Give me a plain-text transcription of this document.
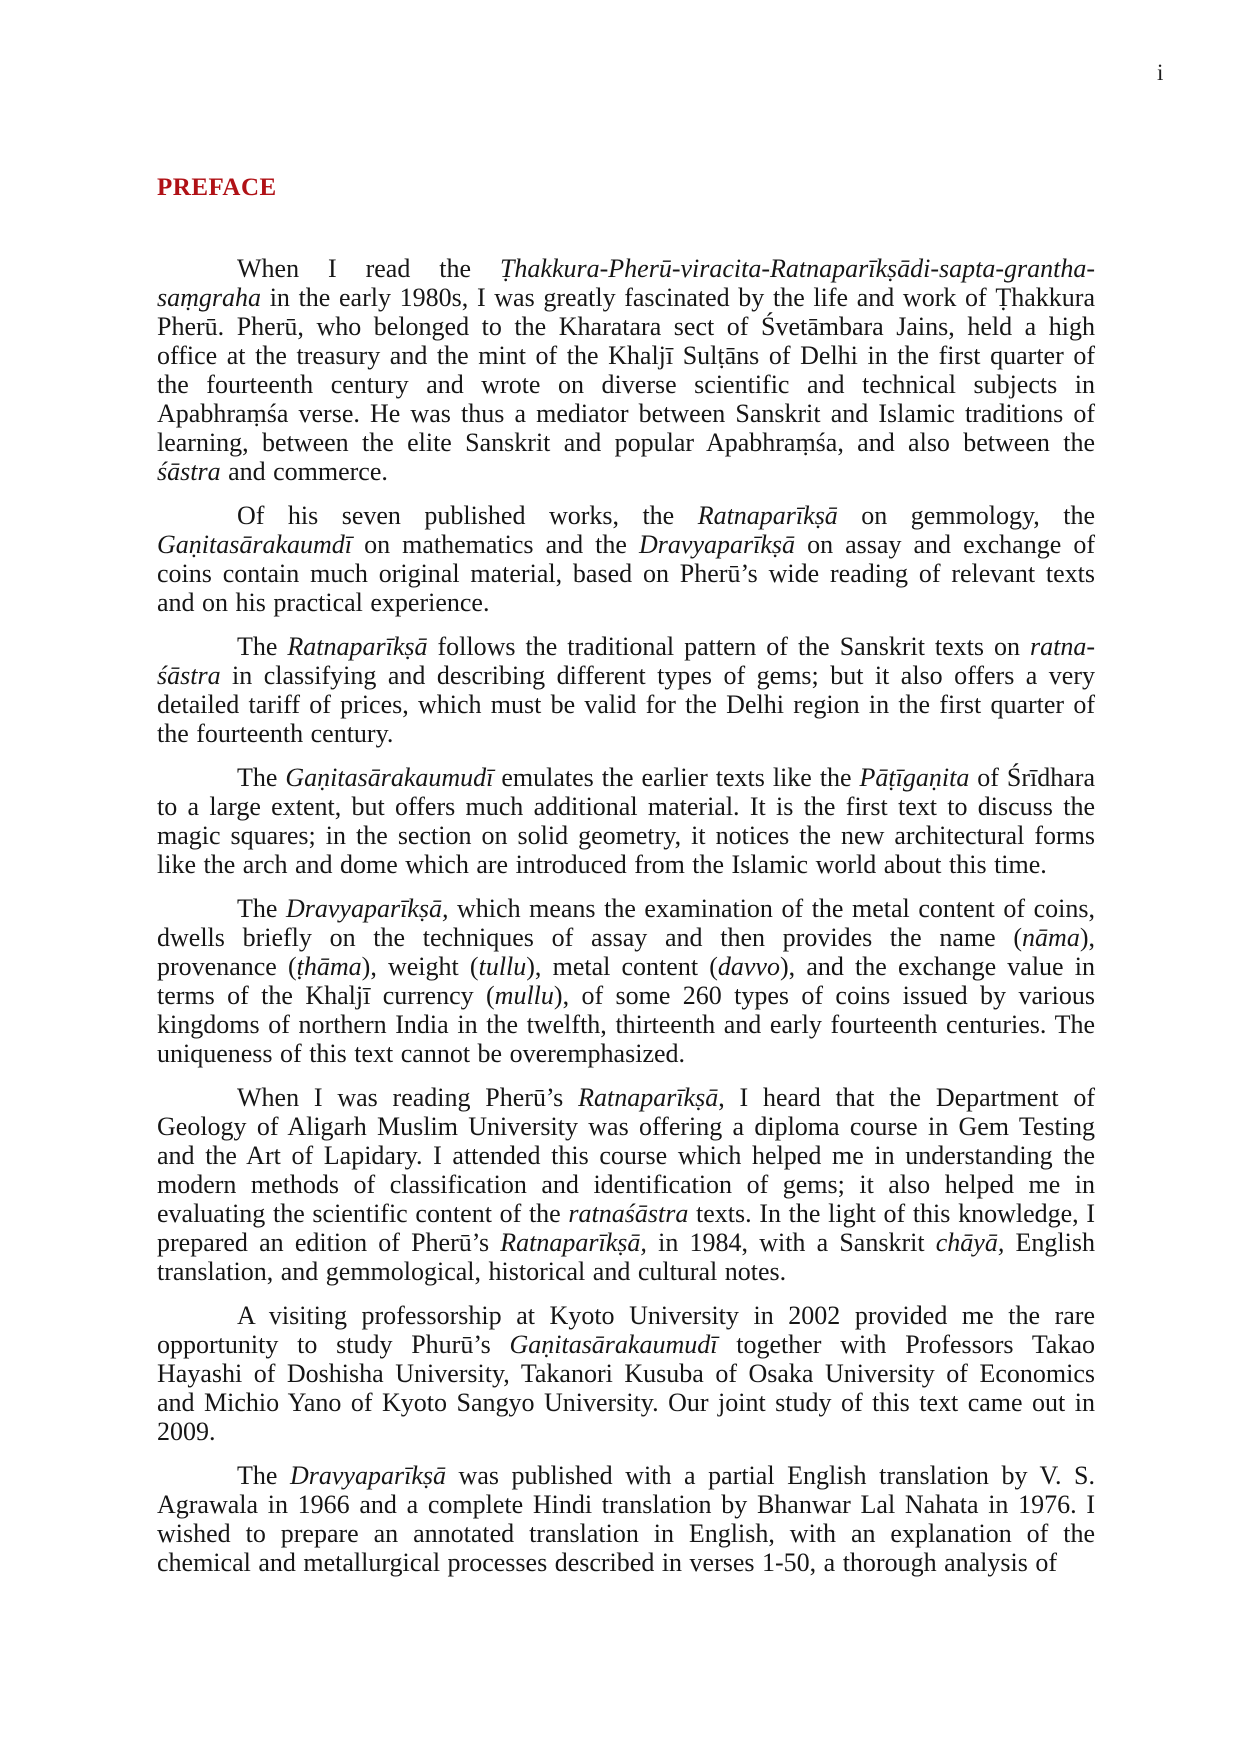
i
PREFACE

When I read the Ṭhakkura-Pherū-viracita-Ratnaparīkṣādi-sapta-grantha-saṃgraha in the early 1980s, I was greatly fascinated by the life and work of Ṭhakkura Pherū. Pherū, who belonged to the Kharatara sect of Śvetāmbara Jains, held a high office at the treasury and the mint of the Khaljī Sulṭāns of Delhi in the first quarter of the fourteenth century and wrote on diverse scientific and technical subjects in Apabhraṃśa verse. He was thus a mediator between Sanskrit and Islamic traditions of learning, between the elite Sanskrit and popular Apabhraṃśa, and also between the śāstra and commerce.

Of his seven published works, the Ratnaparīkṣā on gemmology, the Gaṇitasārakaumdī on mathematics and the Dravyaparīkṣā on assay and exchange of coins contain much original material, based on Pherū’s wide reading of relevant texts and on his practical experience.

The Ratnaparīkṣā follows the traditional pattern of the Sanskrit texts on ratna-śāstra in classifying and describing different types of gems; but it also offers a very detailed tariff of prices, which must be valid for the Delhi region in the first quarter of the fourteenth century.

The Gaṇitasārakaumudī emulates the earlier texts like the Pāṭīgaṇita of Śrīdhara to a large extent, but offers much additional material. It is the first text to discuss the magic squares; in the section on solid geometry, it notices the new architectural forms like the arch and dome which are introduced from the Islamic world about this time.

The Dravyaparīkṣā, which means the examination of the metal content of coins, dwells briefly on the techniques of assay and then provides the name (nāma), provenance (ṭhāma), weight (tullu), metal content (davvo), and the exchange value in terms of the Khaljī currency (mullu), of some 260 types of coins issued by various kingdoms of northern India in the twelfth, thirteenth and early fourteenth centuries. The uniqueness of this text cannot be overemphasized.

When I was reading Pherū’s Ratnaparīkṣā, I heard that the Department of Geology of Aligarh Muslim University was offering a diploma course in Gem Testing and the Art of Lapidary. I attended this course which helped me in understanding the modern methods of classification and identification of gems; it also helped me in evaluating the scientific content of the ratnaśāstra texts. In the light of this knowledge, I prepared an edition of Pherū’s Ratnaparīkṣā, in 1984, with a Sanskrit chāyā, English translation, and gemmological, historical and cultural notes.

A visiting professorship at Kyoto University in 2002 provided me the rare opportunity to study Phurū’s Gaṇitasārakaumudī together with Professors Takao Hayashi of Doshisha University, Takanori Kusuba of Osaka University of Economics and Michio Yano of Kyoto Sangyo University. Our joint study of this text came out in 2009.

The Dravyaparīkṣā was published with a partial English translation by V. S. Agrawala in 1966 and a complete Hindi translation by Bhanwar Lal Nahata in 1976. I wished to prepare an annotated translation in English, with an explanation of the chemical and metallurgical processes described in verses 1-50, a thorough analysis of
